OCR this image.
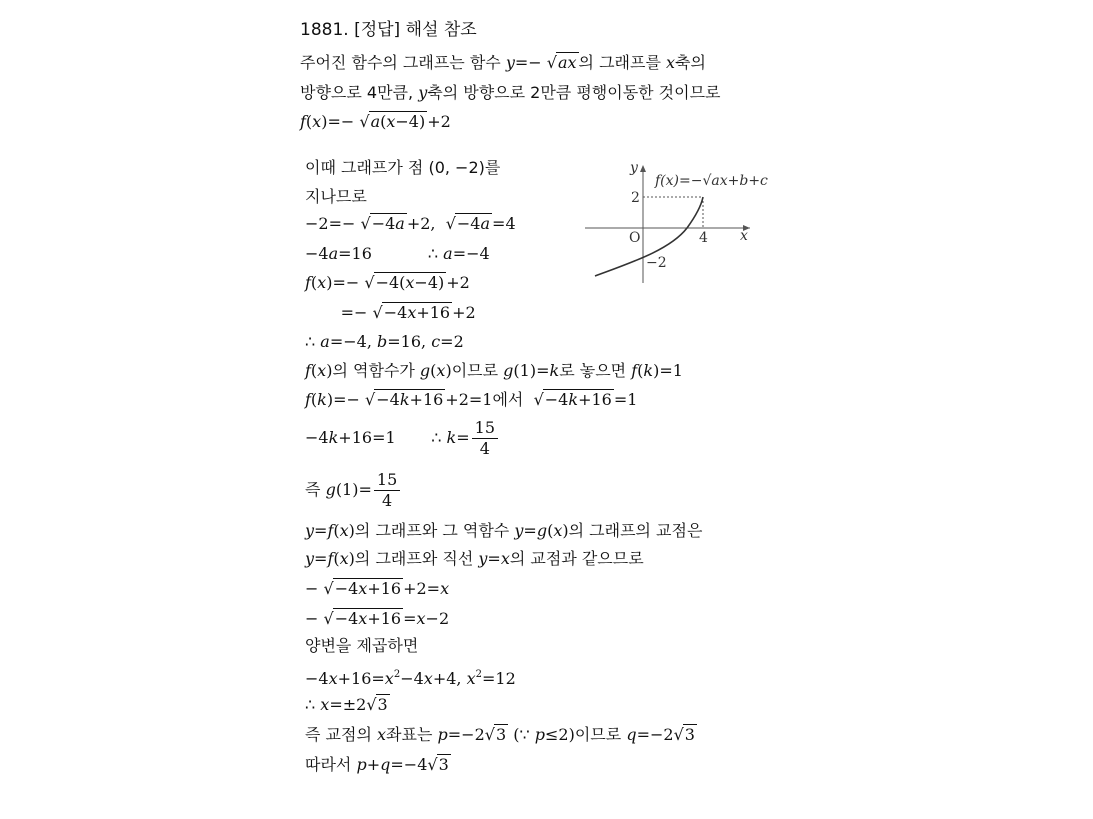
1881. [정답] 해설 참조
주어진 함수의 그래프는 함수 y=− √ax 의 그래프를 x축의
방향으로 4만큼, y축의 방향으로 2만큼 평행이동한 것이므로
f(x)=− √a(x−4) +2
이때 그래프가 점 (0, −2)를
지나므로
−2=− √−4a +2, √−4a =4
−4a=16	∴ a=−4
f(x)=− √−4(x−4) +2
=− √−4x+16 +2
∴ a=−4, b=16, c=2
f(x)의 역함수가 g(x)이므로 g(1)=k로 놓으면 f(k)=1
f(k)=− √−4k+16 +2=1에서 √−4k+16 =1
−4k+16=1 ∴ $k= \frac{15}{4}$
즉 $g(1)= \frac{15}{4}$
y=f(x)의 그래프와 그 역함수 y=g(x)의 그래프의 교점은
y=f(x)의 그래프와 직선 y=x의 교점과 같으므로
− √−4x+16 +2=x
− √−4x+16 =x−2
양변을 제곱하면
$-4x+16=x^2-4x+4$, $x^2=12$
∴ x=±2√3
즉 교점의 x좌표는 p=−2√3 (∵ p≤2)이므로 q=−2√3
따라서 p+q=−4√3
y
f(x)=−√ax+b+c
2
O	4 x
−2
